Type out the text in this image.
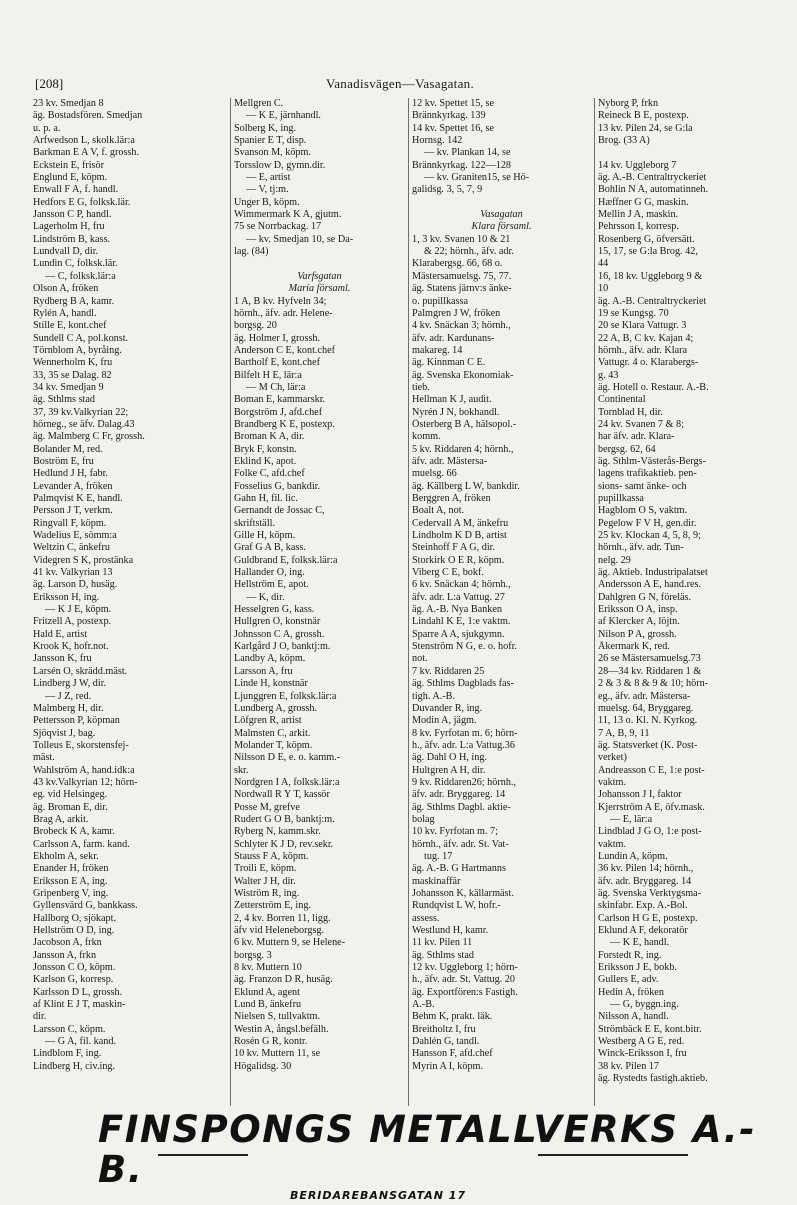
[208]	Vanadisvägen—Vasagatan.
23 kv. Smedjan 8
äg. Bostadsfören. Smedjan
u. p. a.
Arfwedson L, skolk.lär:a
Barkman E A V, f. grossh.
Eckstein E, frisör
Englund E, köpm.
Enwall F A, f. handl.
Hedfors E G, folksk.lär.
Jansson C P, handl.
Lagerholm H, fru
Lindström B, kass.
Lundvall D, dir.
Lundin C, folksk.lär.
— C, folksk.lär:a
Olson A, fröken
Rydberg B A, kamr.
Rylén A, handl.
Stille E, kont.chef
Sundell C A, pol.konst.
Törnblom A, byråing.
Wennerholm K, fru
33, 35 se Dalag. 82
34 kv. Smedjan 9
äg. Sthlms stad
37, 39 kv.Valkyrian 22;
hörneg., se äfv. Dalag.43
äg. Malmberg C Fr, grossh.
Bolander M, red.
Boström E, fru
Hedlund J H, fabr.
Levander A, fröken
Palmqvist K E, handl.
Persson J T, verkm.
Ringvall F, köpm.
Wadelius E, sömm:a
Weltzin C, änkefru
Videgren S K, prostänka
41 kv. Valkyrian 13
äg. Larson D, husäg.
Eriksson H, ing.
— K J E, köpm.
Fritzell A, postexp.
Hald E, artist
Krook K, hofr.not.
Jansson K, fru
Larsén O, skrädd.mäst.
Lindberg J W, dir.
— J Z, red.
Malmberg H, dir.
Pettersson P, köpman
Sjöqvist J, bag.
Tolleus E, skorstensfej-
mäst.
Wahlström A, hand.idk:a
43 kv.Valkyrian 12; hörn-
eg. vid Helsingeg.
äg. Broman E, dir.
Brag A, arkit.
Brobeck K A, kamr.
Carlsson A, farm. kand.
Ekholm A, sekr.
Enander H, fröken
Eriksson E A, ing.
Gripenberg V, ing.
Gyllensvärd G, bankkass.
Hallborg O, sjökapt.
Hellström O D, ing.
Jacobson A, frkn
Jansson A, frkn
Jonsson C O, köpm.
Karlson G, korresp.
Karlsson D L, grossh.
af Klint E J T, maskin-
dir.
Larsson C, köpm.
— G A, fil. kand.
Lindblom F, ing.
Lindberg H, civ.ing.
Mellgren C.
— K E, järnhandl.
Solberg K, ing.
Spanier E T, disp.
Svanson M, köpm.
Torsslow D, gymn.dir.
— E, artist
— V, tj:m.
Unger B, köpm.
Wimmermark K A, gjutm.
75 se Norrbackag. 17
— kv. Smedjan 10, se Da-
lag. (84)

Varfsgatan
Maria församl.
1 A, B kv. Hyfveln 34;
hörnh., äfv. adr. Helene-
borgsg. 20
äg. Holmer I, grossh.
Anderson C E, kont.chef
Bartholf E, kont.chef
Bilfelt H E, lär:a
— M Ch, lär:a
Boman E, kammarskr.
Borgström J, afd.chef
Brandberg K E, postexp.
Broman K A, dir.
Bryk F, konstn.
Eklind K, apot.
Folke C, afd.chef
Fosselius G, bankdir.
Gahn H, fil. lic.
Gernandt de Jossac C,
skriftställ.
Gille H, köpm.
Graf G A B, kass.
Guldbrand E, folksk.lär:a
Hallander O, ing.
Hellström E, apot.
— K, dir.
Hesselgren G, kass.
Hullgren O, konstnär
Johnsson C A, grossh.
Karlgård J O, banktj:m.
Landby A, köpm.
Larsson A, fru
Linde H, konstnär
Ljunggren E, folksk.lär:a
Lundberg A, grossh.
Löfgren R, artist
Malmsten C, arkit.
Molander T, köpm.
Nilsson D E, e. o. kamm.-
skr.
Nordgren I A, folksk.lär:a
Nordwall R Y T, kassör
Posse M, grefve
Rudert G O B, banktj:m.
Ryberg N, kamm.skr.
Schlyter K J D, rev.sekr.
Stauss F A, köpm.
Troili E, köpm.
Walter J H, dir.
Wiström R, ing.
Zetterström E, ing.
2, 4 kv. Borren 11, ligg.
äfv vid Heleneborgsg.
6 kv. Muttern 9, se Helene-
borgsg. 3
8 kv. Muttern 10
äg. Franzon D R, husäg.
Eklund A, agent
Lund B, änkefru
Nielsen S, tullvaktm.
Westin A, ångsl.befälh.
Rosén G R, kontr.
10 kv. Muttern 11, se
Högalidsg. 30
12 kv. Spettet 15, se
Brännkyrkag. 139
14 kv. Spettet 16, se
Hornsg. 142
— kv. Plankan 14, se
Brännkyrkag. 122—128
— kv. Graniten15, se Hö-
galidsg. 3, 5, 7, 9

Vasagatan
Klara församl.
1, 3 kv. Svanen 10 & 21
& 22; hörnh., äfv. adr.
Klarabergsg. 66, 68 o.
Mästersamuelsg. 75, 77.
äg. Statens järnv:s änke-
o. pupillkassa
Palmgren J W, fröken
4 kv. Snäckan 3; hörnh.,
äfv. adr. Kardunans-
makareg. 14
äg. Kinnman C E.
äg. Svenska Ekonomiak-
tieb.
Hellman K J, audit.
Nyrén J N, bokhandl.
Österberg B A, hälsopol.-
komm.
5 kv. Riddaren 4; hörnh.,
äfv. adr. Mästersa-
muelsg. 66
äg. Källberg L W, bankdir.
Berggren A, fröken
Boalt A, not.
Cedervall A M, änkefru
Lindholm K D B, artist
Steinhoff F A G, dir.
Storkirk O E R, köpm.
Viberg C E, bokf.
6 kv. Snäckan 4; hörnh.,
äfv. adr. L:a Vattug. 27
äg. A.-B. Nya Banken
Lindahl K E, 1:e vaktm.
Sparre A A, sjukgymn.
Stenström N G, e. o. hofr.
not.
7 kv. Riddaren 25
äg. Sthlms Dagblads fas-
tigh. A.-B.
Duvander R, ing.
Modin A, jägm.
8 kv. Fyrfotan m. 6; hörn-
h., äfv. adr. L:a Vattug.36
äg. Dahl O H, ing.
Hultgren A H, dir.
9 kv. Riddaren26; hörnh.,
äfv. adr. Bryggareg. 14
äg. Sthlms Dagbl. aktie-
bolag
10 kv. Fyrfotan m. 7;
hörnh., äfv. adr. St. Vat-
tug. 17
äg. A.-B. G Hartmanns
maskinaffär
Johansson K, källarmäst.
Rundqvist L W, hofr.-
assess.
Westlund H, kamr.
11 kv. Pilen 11
äg. Sthlms stad
12 kv. Uggleborg 1; hörn-
h., äfv. adr. St. Vattug. 20
äg. Exportfören:s Fastigh.
A.-B.
Behm K, prakt. läk.
Breitholtz I, fru
Dahlén G, tandl.
Hansson F, afd.chef
Myrin A I, köpm.
Nyborg P, frkn
Reineck B E, postexp.
13 kv. Pilen 24, se G:la
Brog. (33 A)

14 kv. Uggleborg 7
äg. A.-B. Centraltryckeriet
Bohlin N A, automatinneh.
Hæffner G G, maskin.
Mellin J A, maskin.
Pehrsson I, korresp.
Rosenberg G, öfversätt.
15, 17, se G:la Brog. 42,
44
16, 18 kv. Uggleborg 9 &
10
äg. A.-B. Centraltryckeriet
19 se Kungsg. 70
20 se Klara Vattugr. 3
22 A, B, C kv. Kajan 4;
hörnh., äfv. adr. Klara
Vattugr. 4 o. Klarabergs-
g. 43
äg. Hotell o. Restaur. A.-B.
Continental
Tornblad H, dir.
24 kv. Svanen 7 & 8;
har äfv. adr. Klara-
bergsg. 62, 64
äg. Sthlm-Västerås-Bergs-
lagens trafikaktieb. pen-
sions- samt änke- och
pupillkassa
Hagblom O S, vaktm.
Pegelow F V H, gen.dir.
25 kv. Klockan 4, 5, 8, 9;
hörnh., äfv. adr. Tun-
nelg. 29
äg. Aktieb. Industripalatset
Andersson A E, hand.res.
Dahlgren G N, föreläs.
Eriksson O A, insp.
af Klercker A, löjtn.
Nilson P A, grossh.
Åkermark K, red.
26 se Mästersamuelsg.73
28—34 kv. Riddaren 1 &
2 & 3 & 8 & 9 & 10; hörn-
eg., äfv. adr. Mästersa-
muelsg. 64, Bryggareg.
11, 13 o. Kl. N. Kyrkog.
7 A, B, 9, 11
äg. Statsverket (K. Post-
verket)
Andreasson C E, 1:e post-
vaktm.
Johansson J I, faktor
Kjerrström A E, öfv.mask.
— E, lär:a
Lindblad J G O, 1:e post-
vaktm.
Lundin A, köpm.
36 kv. Pilen 14; hörnh.,
äfv. adr. Bryggareg. 14
äg. Svenska Verktygsma-
skinfabr. Exp. A.-Bol.
Carlson H G E, postexp.
Eklund A F, dekoratör
— K E, handl.
Forstedt R, ing.
Eriksson J E, bokb.
Gullers E, adv.
Hedin A, fröken
— G, byggn.ing.
Nilsson A, handl.
Strömbäck E E, kont.bitr.
Westberg A G E, red.
Winck-Eriksson I, fru
38 kv. Pilen 17
äg. Rystedts fastigh.aktieb.
FINSPONGS METALLVERKS A.-B.
BERIDAREBANSGATAN 17
